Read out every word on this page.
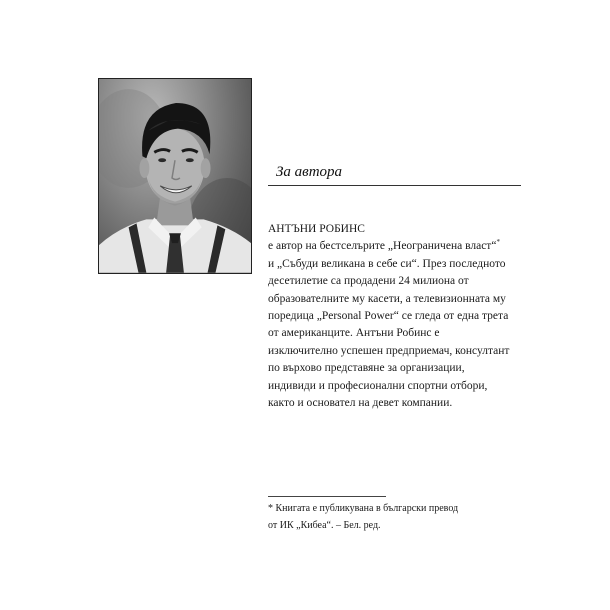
За автора
АНТЪНИ РОБИНС
е автор на бестселърите „Неограничена власт“*
и „Събуди великана в себе си“. През последното
десетилетие са продадени 24 милиона от
образователните му касети, а телевизионната му
поредица „Personal Power“ се гледа от една трета
от американците. Антъни Робинс е
изключително успешен предприемач, консултант
по върхово представяне за организации,
индивиди и професионални спортни отбори,
както и основател на девет компании.
* Книгата е публикувана в български превод
от ИК „Кибеа“. – Бел. ред.
